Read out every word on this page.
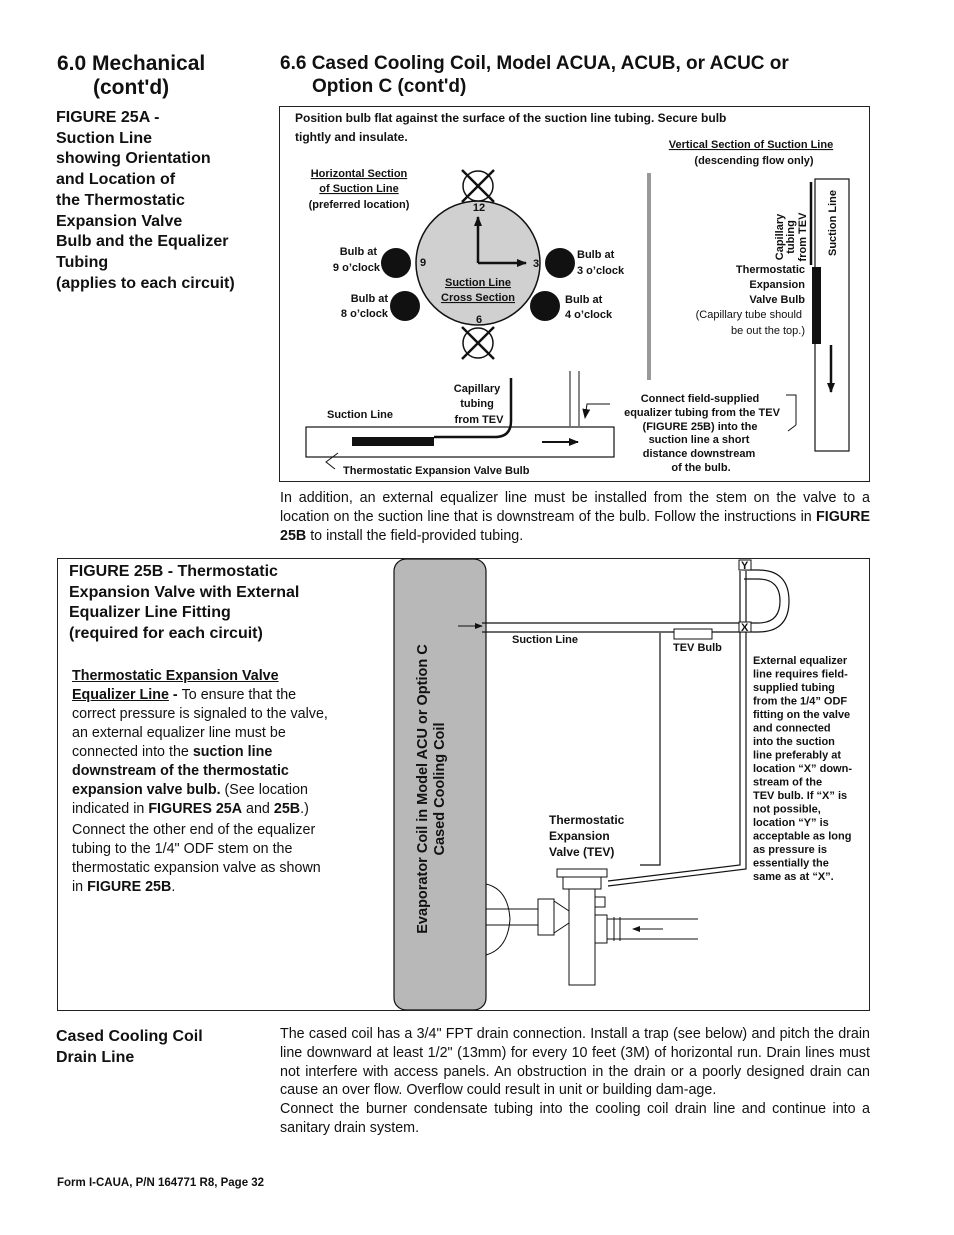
6.0 Mechanical
(cont'd)
6.6 Cased Cooling Coil, Model ACUA, ACUB, or ACUC or
Option C (cont'd)
FIGURE 25A -
Suction Line
showing Orientation
and Location of
the Thermostatic
Expansion Valve
Bulb and the Equalizer
Tubing
(applies to each circuit)
Position bulb flat against the surface of the suction line tubing. Secure bulb
tightly and insulate.
Horizontal Section
of Suction Line
(preferred location)
Vertical Section of Suction Line
(descending flow only)
12
3
6
9
Suction Line
Cross Section
Bulb at
9 o’clock
Bulb at
8 o’clock
Bulb at
3 o’clock
Bulb at
4 o’clock
Capillary tubing from TEV Suction Line
Thermostatic
Expansion
Valve Bulb
(Capillary tube should
be out the top.)
Suction Line
Capillary
tubing
from TEV
Thermostatic Expansion Valve Bulb
Connect field-supplied
equalizer tubing from the TEV
(FIGURE 25B) into the
suction line a short
distance downstream
of the bulb.
In addition, an external equalizer line must be installed from the stem on the valve to a location on the suction line that is downstream of the bulb. Follow the instructions in FIGURE 25B to install the field-provided tubing.
Evaporator Coil in Model ACU or Option C Cased Cooling Coil
TEV Bulb
Suction Line
Y
X
Thermostatic
Expansion
Valve (TEV)
External equalizer
line requires field-
supplied tubing
from the 1/4” ODF
fitting on the valve
and connected
into the suction
line preferably at
location “X” down-
stream of the
TEV bulb. If “X” is
not possible,
location “Y” is
acceptable as long
as pressure is
essentially the
same as at “X”.
FIGURE 25B - Thermostatic
Expansion Valve with External
Equalizer Line Fitting
(required for each circuit)

Thermostatic Expansion Valve
Equalizer Line - To ensure that the correct pressure is signaled to the valve, an external equalizer line must be connected into the suction line downstream of the thermostatic expansion valve bulb. (See location indicated in FIGURES 25A and 25B.)

Connect the other end of the equalizer tubing to the 1/4" ODF stem on the thermostatic expansion valve as shown in FIGURE 25B.

Cased Cooling Coil
Drain Line

The cased coil has a 3/4" FPT drain connection. Install a trap (see below) and pitch the drain line downward at least 1/2" (13mm) for every 10 feet (3M) of horizontal run. Drain lines must not interfere with access panels. An obstruction in the drain or a poorly designed drain can cause an over flow. Overflow could result in unit or building dam-age.

Connect the burner condensate tubing into the cooling coil drain line and continue into a sanitary drain system.

Form I-CAUA, P/N 164771 R8, Page 32
